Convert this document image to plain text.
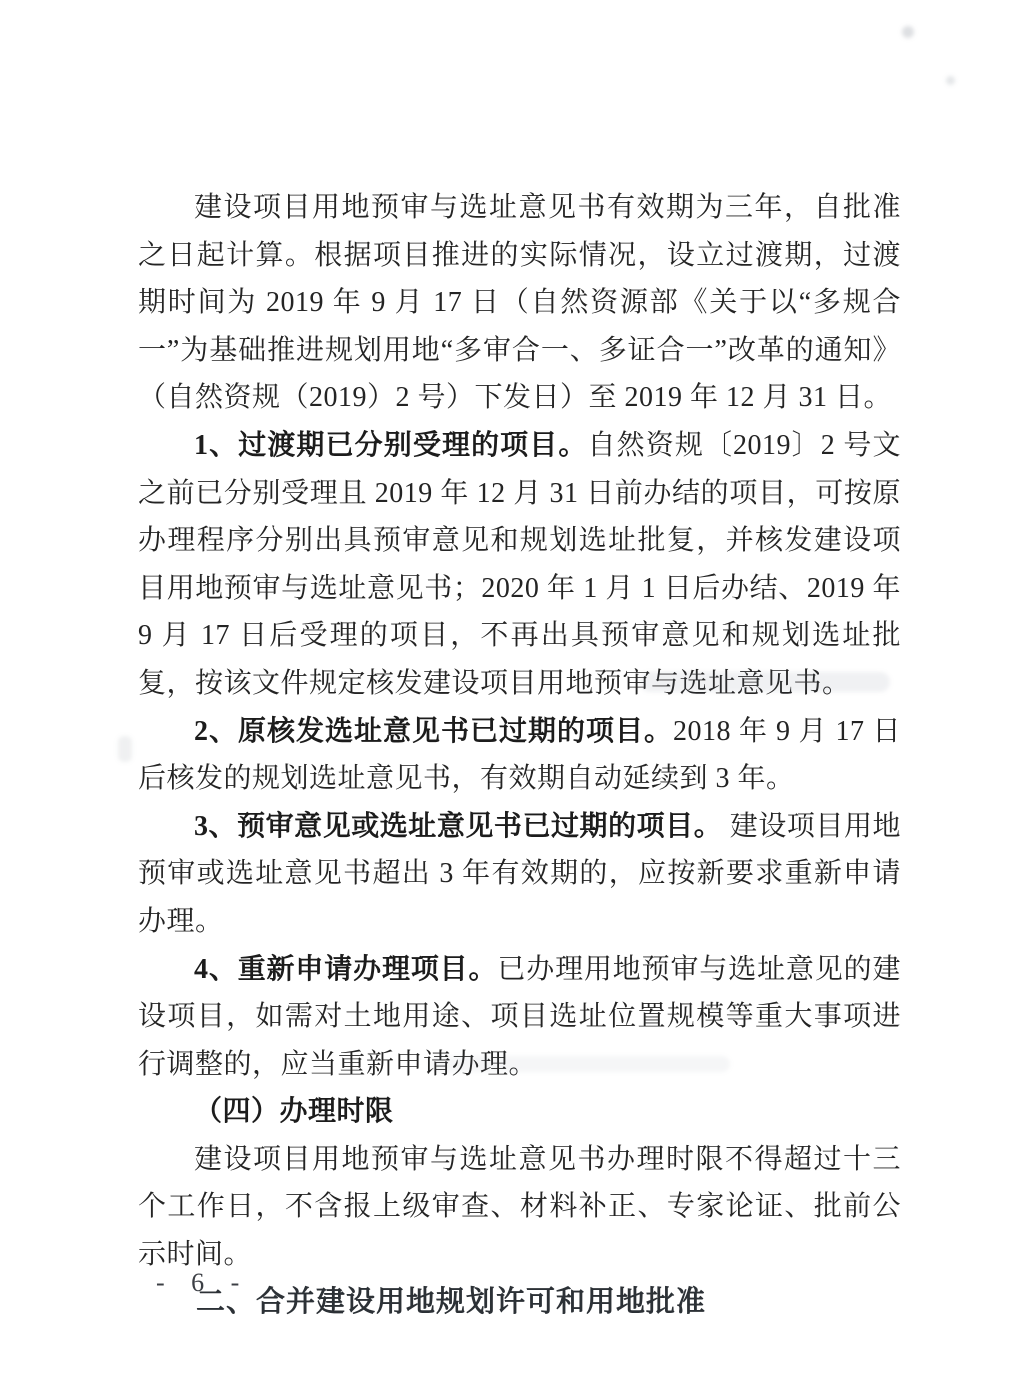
建设项目用地预审与选址意见书有效期为三年，自批准之日起计算。根据项目推进的实际情况，设立过渡期，过渡期时间为 2019 年 9 月 17 日（自然资源部《关于以“多规合一”为基础推进规划用地“多审合一、多证合一”改革的通知》（自然资规（2019）2 号）下发日）至 2019 年 12 月 31 日。

1、过渡期已分别受理的项目。自然资规〔2019〕2 号文之前已分别受理且 2019 年 12 月 31 日前办结的项目，可按原办理程序分别出具预审意见和规划选址批复，并核发建设项目用地预审与选址意见书；2020 年 1 月 1 日后办结、2019 年 9 月 17 日后受理的项目，不再出具预审意见和规划选址批复，按该文件规定核发建设项目用地预审与选址意见书。

2、原核发选址意见书已过期的项目。2018 年 9 月 17 日后核发的规划选址意见书，有效期自动延续到 3 年。

3、预审意见或选址意见书已过期的项目。 建设项目用地预审或选址意见书超出 3 年有效期的，应按新要求重新申请办理。

4、重新申请办理项目。已办理用地预审与选址意见的建设项目，如需对土地用途、项目选址位置规模等重大事项进行调整的，应当重新申请办理。

（四）办理时限

建设项目用地预审与选址意见书办理时限不得超过十三个工作日，不含报上级审查、材料补正、专家论证、批前公示时间。

二、合并建设用地规划许可和用地批准

- 6 -
